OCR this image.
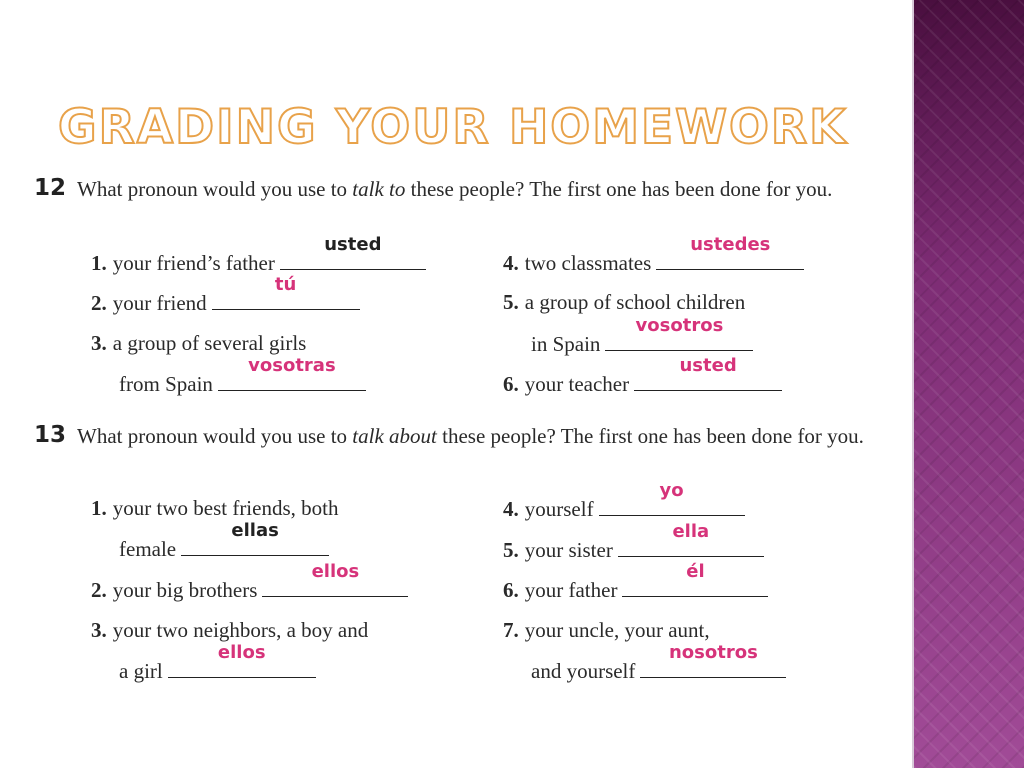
GRADING YOUR HOMEWORK
12 What pronoun would you use to talk to these people? The first one has been done for you.
1. your friend’s father
usted
2. your friend
tú
3. a group of several girls
from Spain
vosotras
4. two classmates
ustedes
5. a group of school children
in Spain
vosotros
6. your teacher
usted
13 What pronoun would you use to talk about these people? The first one has been done for you.
1. your two best friends, both
female
ellas
2. your big brothers
ellos
3. your two neighbors, a boy and
a girl
ellos
4. yourself
yo
5. your sister
ella
6. your father
él
7. your uncle, your aunt,
and yourself
nosotros
